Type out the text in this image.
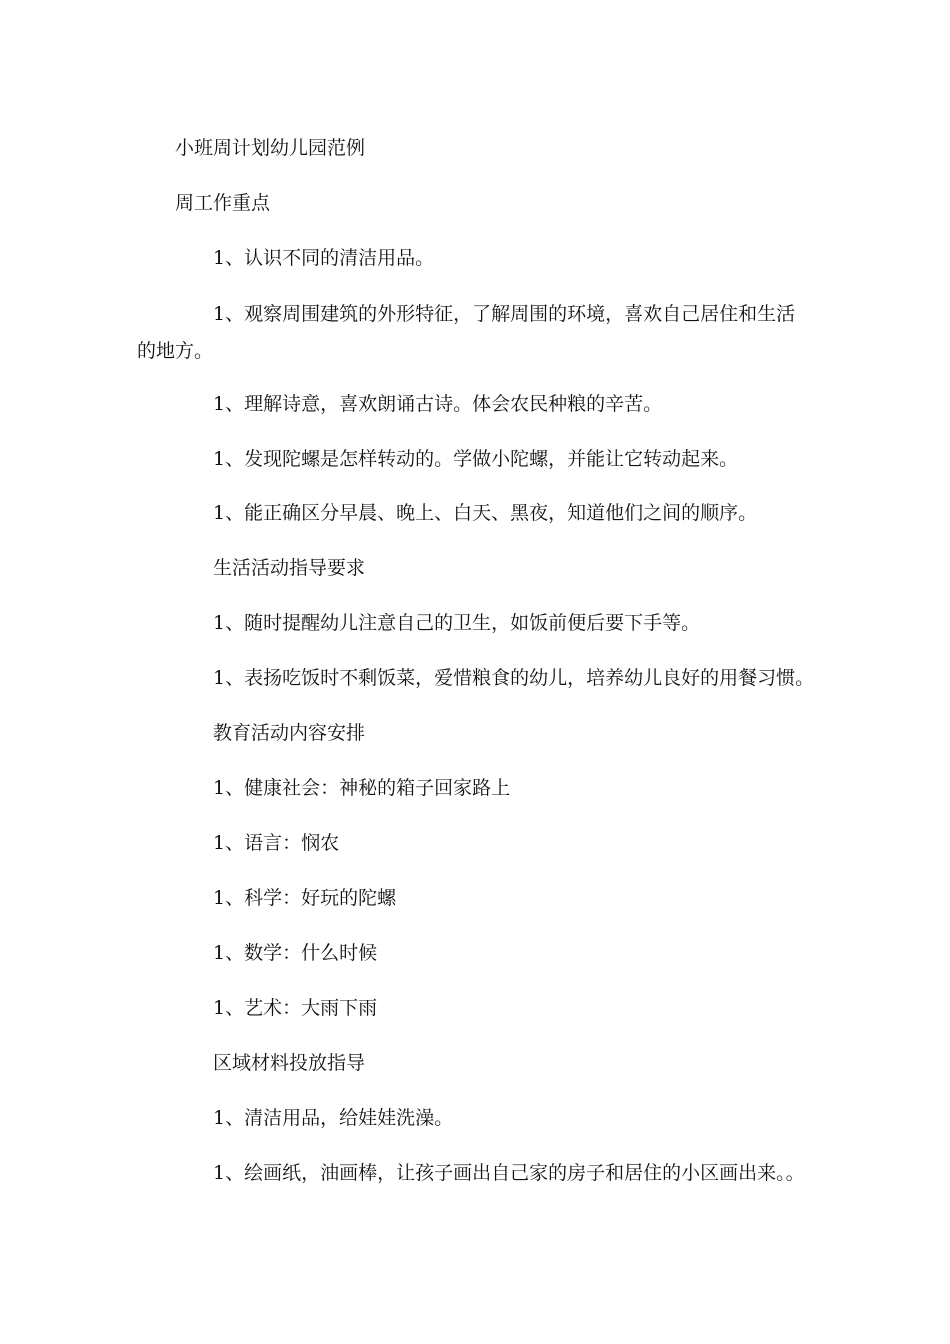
小班周计划幼儿园范例

周工作重点

1、认识不同的清洁用品。

1、观察周围建筑的外形特征，了解周围的环境，喜欢自己居住和生活

的地方。

1、理解诗意，喜欢朗诵古诗。体会农民种粮的辛苦。

1、发现陀螺是怎样转动的。学做小陀螺，并能让它转动起来。

1、能正确区分早晨、晚上、白天、黑夜，知道他们之间的顺序。

生活活动指导要求

1、随时提醒幼儿注意自己的卫生，如饭前便后要下手等。

1、表扬吃饭时不剩饭菜，爱惜粮食的幼儿，培养幼儿良好的用餐习惯。

教育活动内容安排

1、健康社会：神秘的箱子回家路上

1、语言：悯农

1、科学：好玩的陀螺

1、数学：什么时候

1、艺术：大雨下雨

区域材料投放指导

1、清洁用品，给娃娃洗澡。

1、绘画纸，油画棒，让孩子画出自己家的房子和居住的小区画出来。。
